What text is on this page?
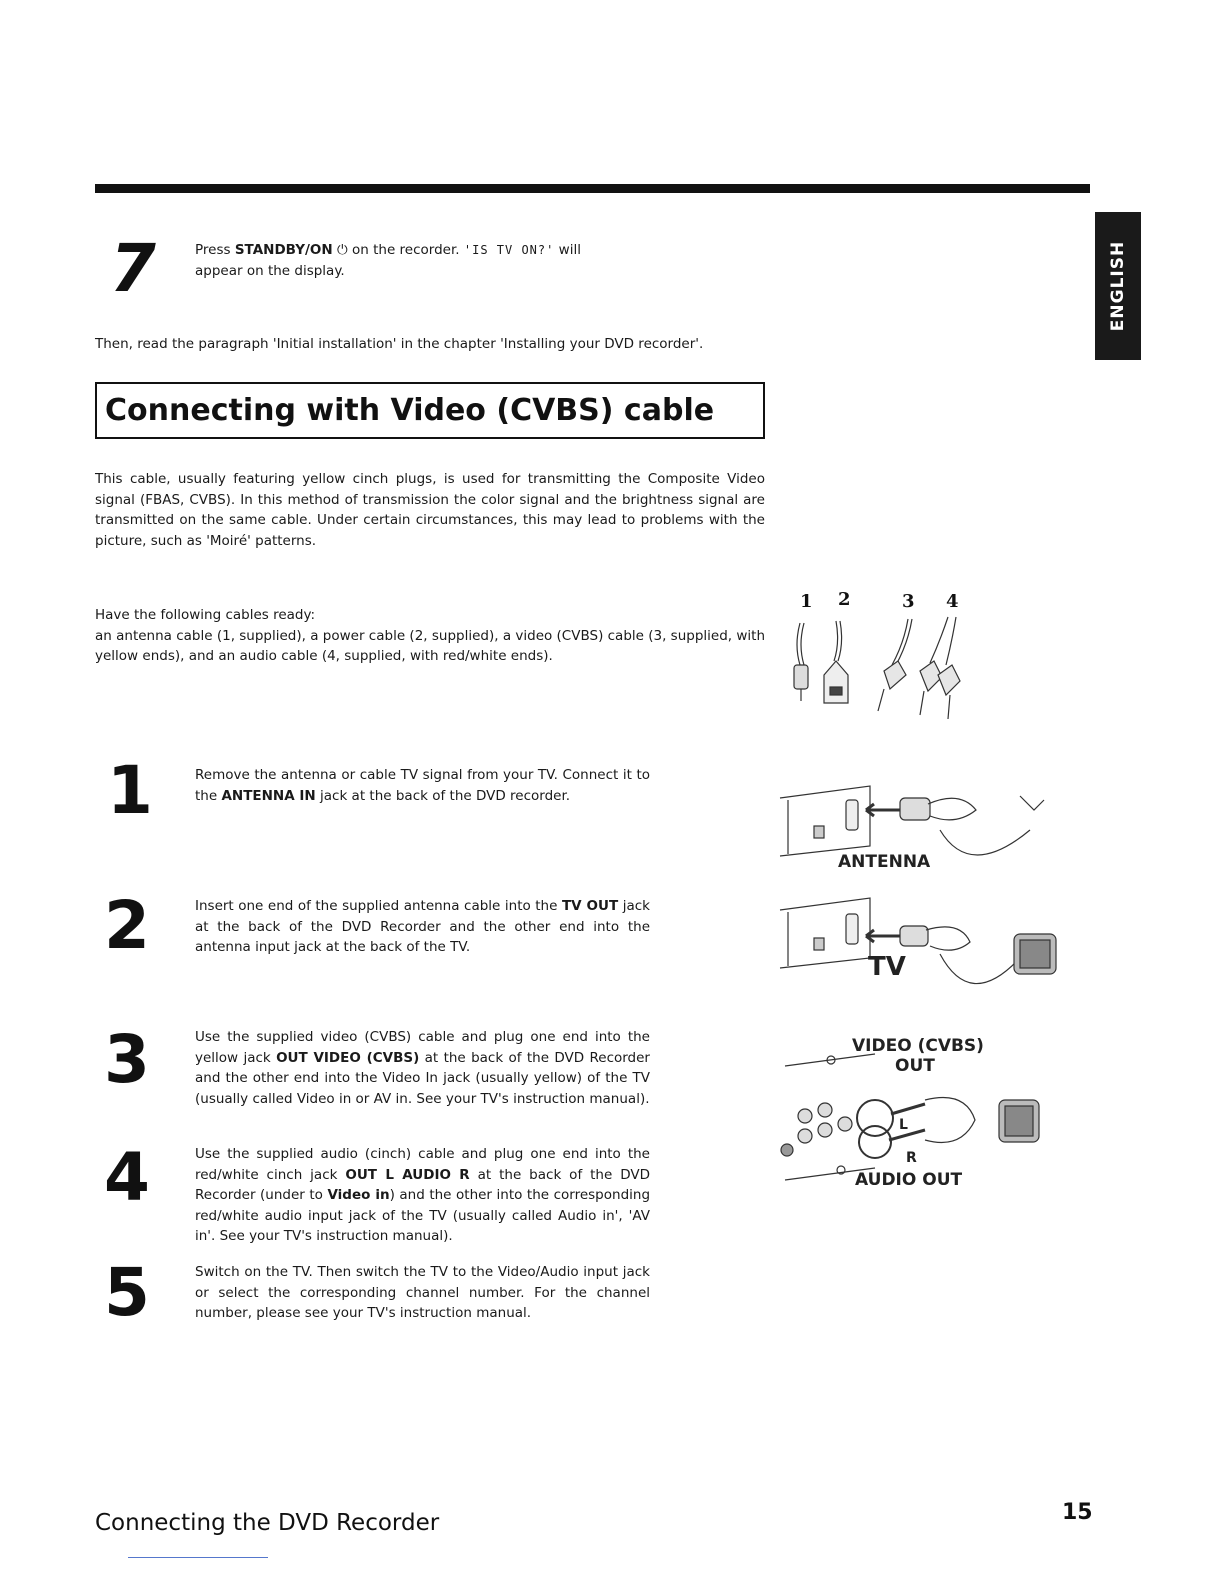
ENGLISH
7	Press STANDBY/ON ⏻ on the recorder. 'IS TV ON?' will
appear on the display.
Then, read the paragraph 'Initial installation' in the chapter 'Installing your DVD recorder'.
Connecting with Video (CVBS) cable
This cable, usually featuring yellow cinch plugs, is used for transmitting the Composite Video signal (FBAS, CVBS). In this method of transmission the color signal and the brightness signal are transmitted on the same cable. Under certain circumstances, this may lead to problems with the picture, such as 'Moiré' patterns.
Have the following cables ready:
an antenna cable (1, supplied), a power cable (2, supplied), a video (CVBS) cable (3, supplied, with yellow ends), and an audio cable (4, supplied, with red/white ends).
1 2	3 4
1	Remove the antenna or cable TV signal from your TV. Connect it to the ANTENNA IN jack at the back of the DVD recorder.
2	Insert one end of the supplied antenna cable into the TV OUT jack at the back of the DVD Recorder and the other end into the antenna input jack at the back of the TV.
3	Use the supplied video (CVBS) cable and plug one end into the yellow jack OUT VIDEO (CVBS) at the back of the DVD Recorder and the other end into the Video In jack (usually yellow) of the TV (usually called Video in or AV in. See your TV's instruction manual).
4	Use the supplied audio (cinch) cable and plug one end into the red/white cinch jack OUT L AUDIO R at the back of the DVD Recorder (under to Video in) and the other into the corresponding red/white audio input jack of the TV (usually called Audio in', 'AV in'. See your TV's instruction manual).
5	Switch on the TV. Then switch the TV to the Video/Audio input jack or select the corresponding channel number. For the channel number, please see your TV's instruction manual.
ANTENNA
TV
VIDEO (CVBS)
OUT
L
R
AUDIO OUT
Connecting the DVD Recorder	15
